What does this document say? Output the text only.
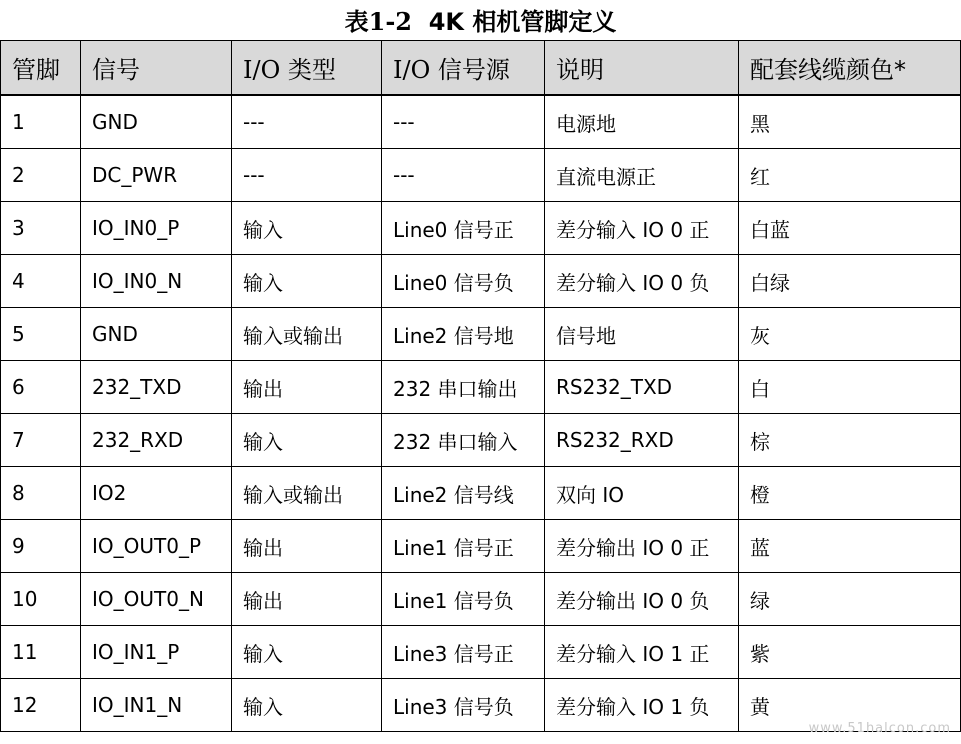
表1-2 4K 相机管脚定义
管脚	信号	I/O 类型	I/O 信号源	说明	配套线缆颜色*
1	GND	---	---	电源地	黑
2	DC_PWR	---	---	直流电源正	红
3	IO_IN0_P	输入	Line0 信号正	差分输入 IO 0 正	白蓝
4	IO_IN0_N	输入	Line0 信号负	差分输入 IO 0 负	白绿
5	GND	输入或输出	Line2 信号地	信号地	灰
6	232_TXD	输出	232 串口输出	RS232_TXD	白
7	232_RXD	输入	232 串口输入	RS232_RXD	棕
8	IO2	输入或输出	Line2 信号线	双向 IO	橙
9	IO_OUT0_P	输出	Line1 信号正	差分输出 IO 0 正	蓝
10	IO_OUT0_N	输出	Line1 信号负	差分输出 IO 0 负	绿
11	IO_IN1_P	输入	Line3 信号正	差分输入 IO 1 正	紫
12	IO_IN1_N	输入	Line3 信号负	差分输入 IO 1 负	黄
www.51halcon.com
